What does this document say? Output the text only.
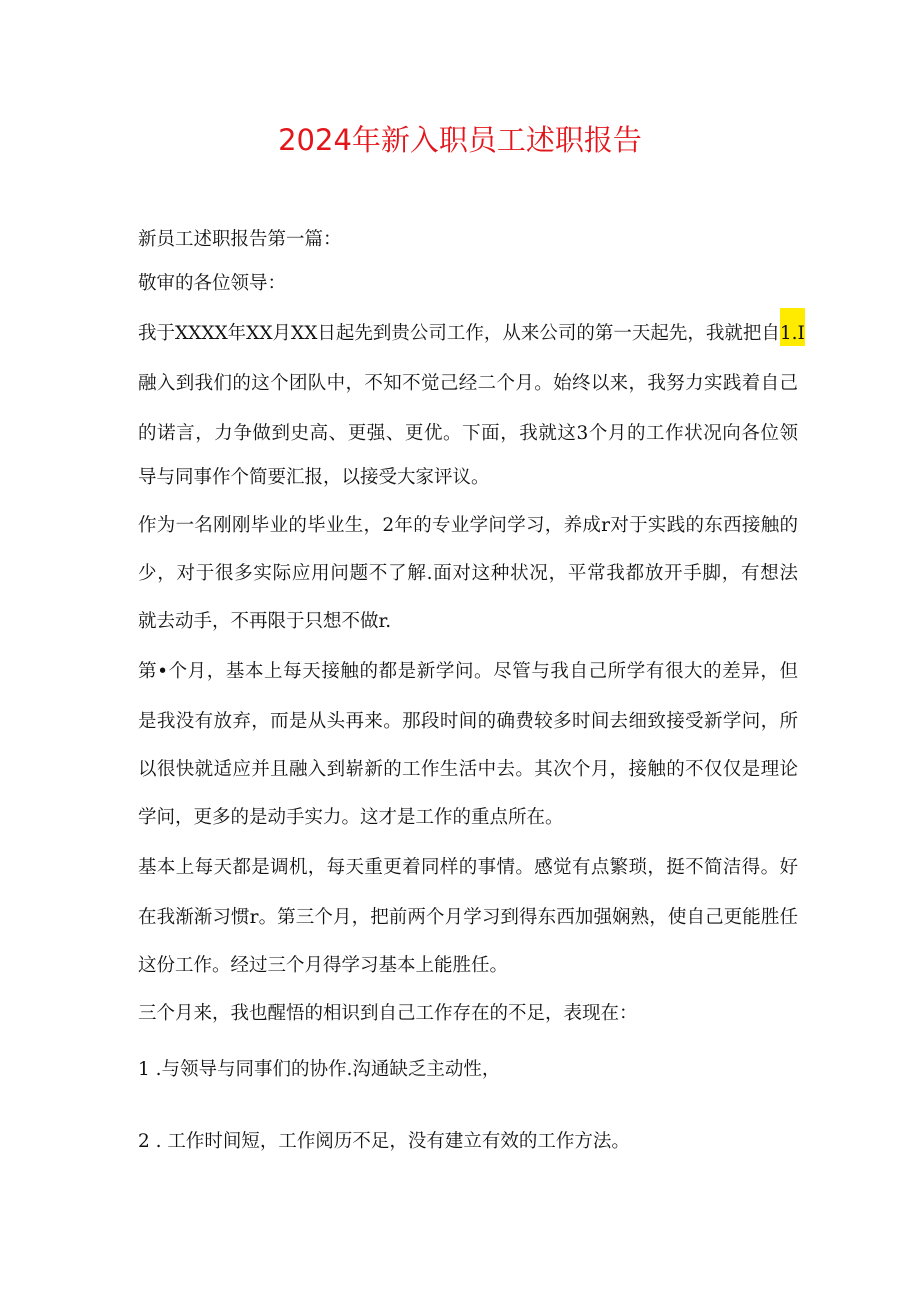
2024年新入职员工述职报告
新员工述职报告第一篇：
敬审的各位领导：
我于XXXX年XX月XX日起先到贵公司工作，从来公司的第一天起先，我就把自1.I
融入到我们的这个团队中，不知不觉己经二个月。始终以来，我努力实践着自己
的诺言，力争做到史高、更强、更优。下面，我就这3个月的工作状况向各位领
导与同事作个简要汇报，以接受大家评议。
作为一名刚刚毕业的毕业生，2年的专业学问学习，养成r对于实践的东西接触的
少，对于很多实际应用问题不了解.面对这种状况，平常我都放开手脚，有想法
就去动手，不再限于只想不做r.
第•个月，基本上每天接触的都是新学问。尽管与我自己所学有很大的差异，但
是我没有放弃，而是从头再来。那段时间的确费较多时间去细致接受新学问，所
以很快就适应并且融入到崭新的工作生活中去。其次个月，接触的不仅仅是理论
学问，更多的是动手实力。这才是工作的重点所在。
基本上每天都是调机，每天重更着同样的事情。感觉有点繁琐，挺不简洁得。好
在我渐渐习惯r。第三个月，把前两个月学习到得东西加强娴熟，使自己更能胜任
这份工作。经过三个月得学习基本上能胜任。
三个月来，我也醒悟的相识到自己工作存在的不足，表现在：
1 .与领导与同事们的协作.沟通缺乏主动性，
2 . 工作时间短，工作阅历不足，没有建立有效的工作方法。
